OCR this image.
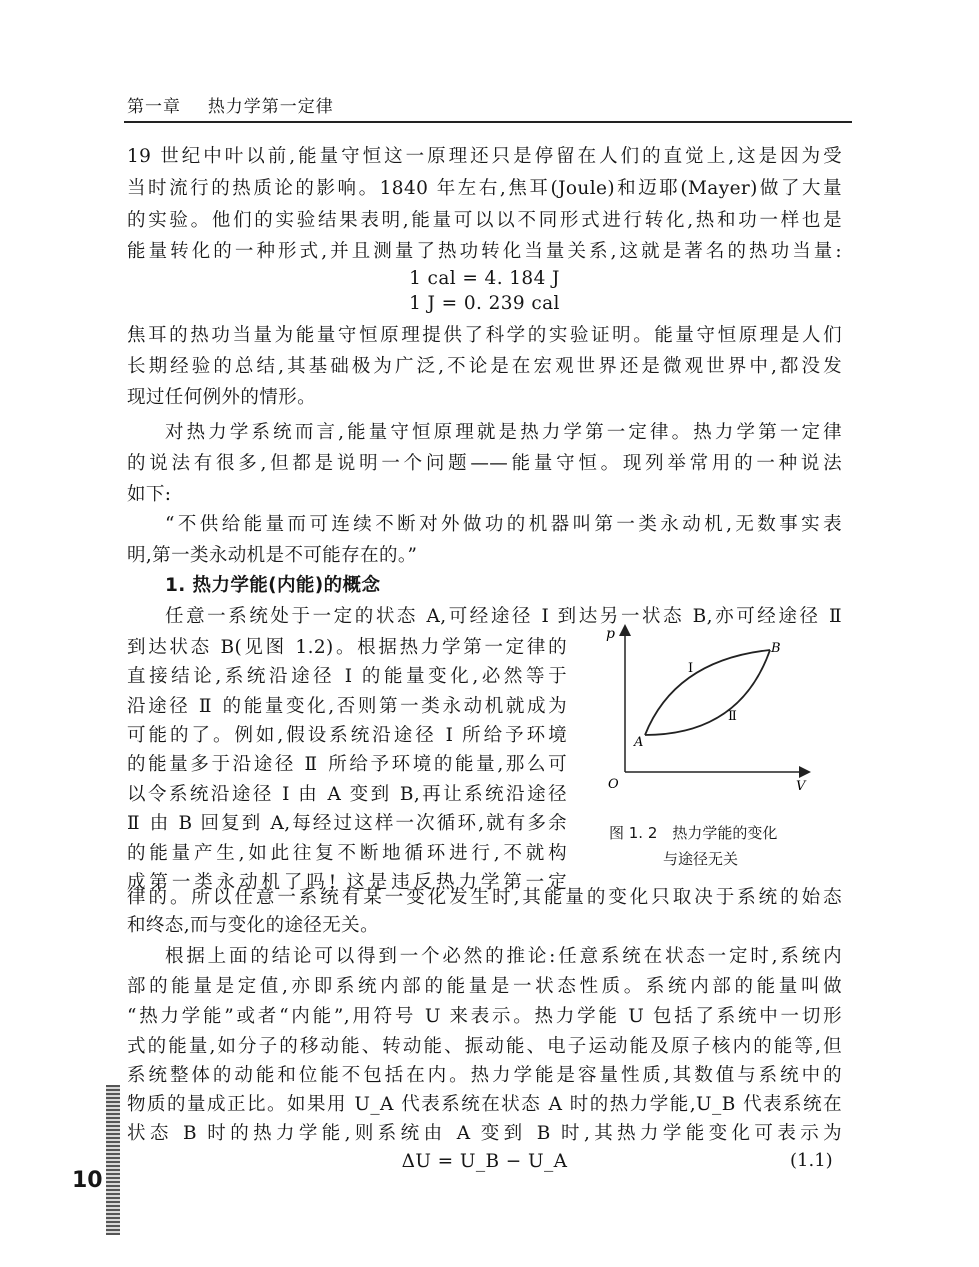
第一章 热力学第一定律
19 世纪中叶以前,能量守恒这一原理还只是停留在人们的直觉上,这是因为受
当时流行的热质论的影响。1840 年左右,焦耳(Joule)和迈耶(Mayer)做了大量
的实验。他们的实验结果表明,能量可以以不同形式进行转化,热和功一样也是
能量转化的一种形式,并且测量了热功转化当量关系,这就是著名的热功当量:
1 cal = 4. 184 J
1 J = 0. 239 cal
焦耳的热功当量为能量守恒原理提供了科学的实验证明。能量守恒原理是人们
长期经验的总结,其基础极为广泛,不论是在宏观世界还是微观世界中,都没发
现过任何例外的情形。
对热力学系统而言,能量守恒原理就是热力学第一定律。热力学第一定律
的说法有很多,但都是说明一个问题——能量守恒。现列举常用的一种说法
如下:
“不供给能量而可连续不断对外做功的机器叫第一类永动机,无数事实表
明,第一类永动机是不可能存在的。”
1. 热力学能(内能)的概念
任意一系统处于一定的状态 A,可经途径 I 到达另一状态 B,亦可经途径 Ⅱ
到达状态 B(见图 1.2)。根据热力学第一定律的
直接结论,系统沿途径 I 的能量变化,必然等于
沿途径 Ⅱ 的能量变化,否则第一类永动机就成为
可能的了。例如,假设系统沿途径 I 所给予环境
的能量多于沿途径 Ⅱ 所给予环境的能量,那么可
以令系统沿途径 I 由 A 变到 B,再让系统沿途径
Ⅱ 由 B 回复到 A,每经过这样一次循环,就有多余
的能量产生,如此往复不断地循环进行,不就构
成第一类永动机了吗! 这是违反热力学第一定
p
V
O
A
B
I
Ⅱ
图 1. 2　热力学能的变化
与途径无关
律的。所以任意一系统有某一变化发生时,其能量的变化只取决于系统的始态
和终态,而与变化的途径无关。
根据上面的结论可以得到一个必然的推论:任意系统在状态一定时,系统内
部的能量是定值,亦即系统内部的能量是一状态性质。系统内部的能量叫做
“热力学能”或者“内能”,用符号 U 来表示。热力学能 U 包括了系统中一切形
式的能量,如分子的移动能、转动能、振动能、电子运动能及原子核内的能等,但
系统整体的动能和位能不包括在内。热力学能是容量性质,其数值与系统中的
物质的量成正比。如果用 U_A 代表系统在状态 A 时的热力学能,U_B 代表系统在
状态 B 时的热力学能,则系统由 A 变到 B 时,其热力学能变化可表示为
ΔU = U_B − U_A	(1.1)
10
